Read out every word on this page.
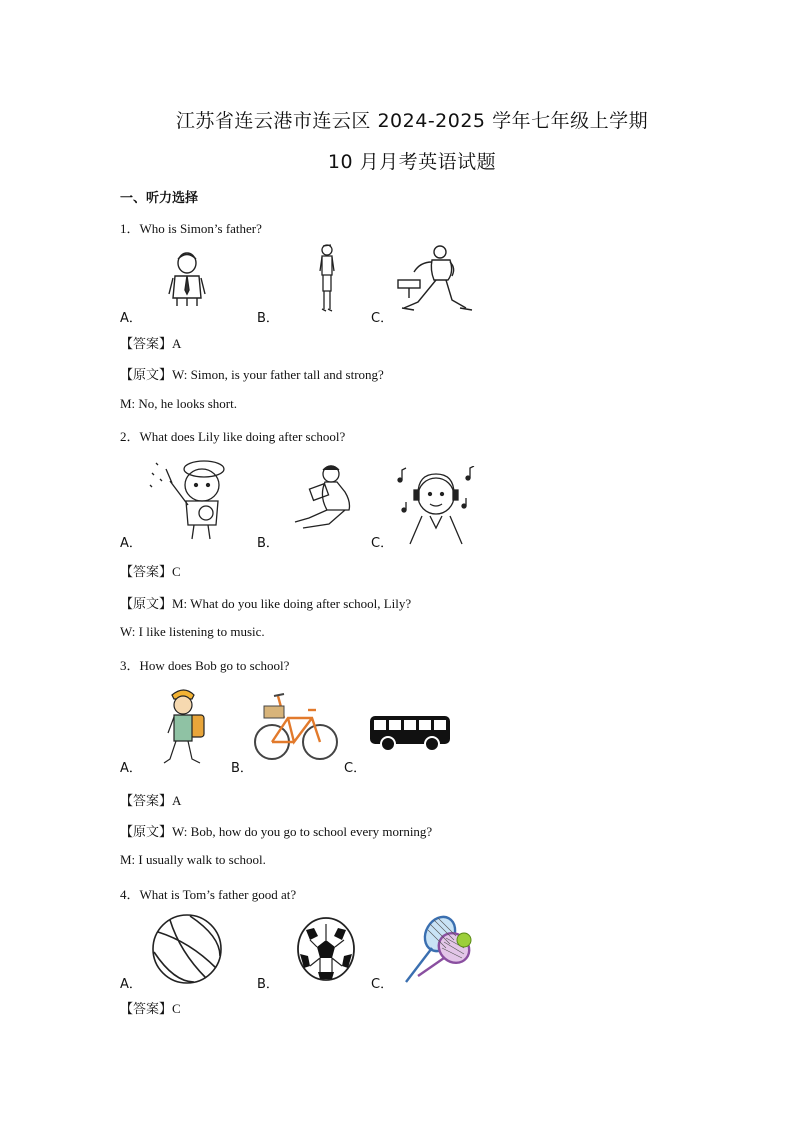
江苏省连云港市连云区 2024-2025 学年七年级上学期
10 月月考英语试题
一、听力选择
1．Who is Simon’s father?
A．	B．	C．
【答案】A
【原文】W: Simon, is your father tall and strong?
M: No, he looks short.
2．What does Lily like doing after school?
A．	B．	C．
【答案】C
【原文】M: What do you like doing after school, Lily?
W: I like listening to music.
3．How does Bob go to school?
A．	B．	C．
【答案】A
【原文】W: Bob, how do you go to school every morning?
M: I usually walk to school.
4．What is Tom’s father good at?
A．	B．	C．
【答案】C
